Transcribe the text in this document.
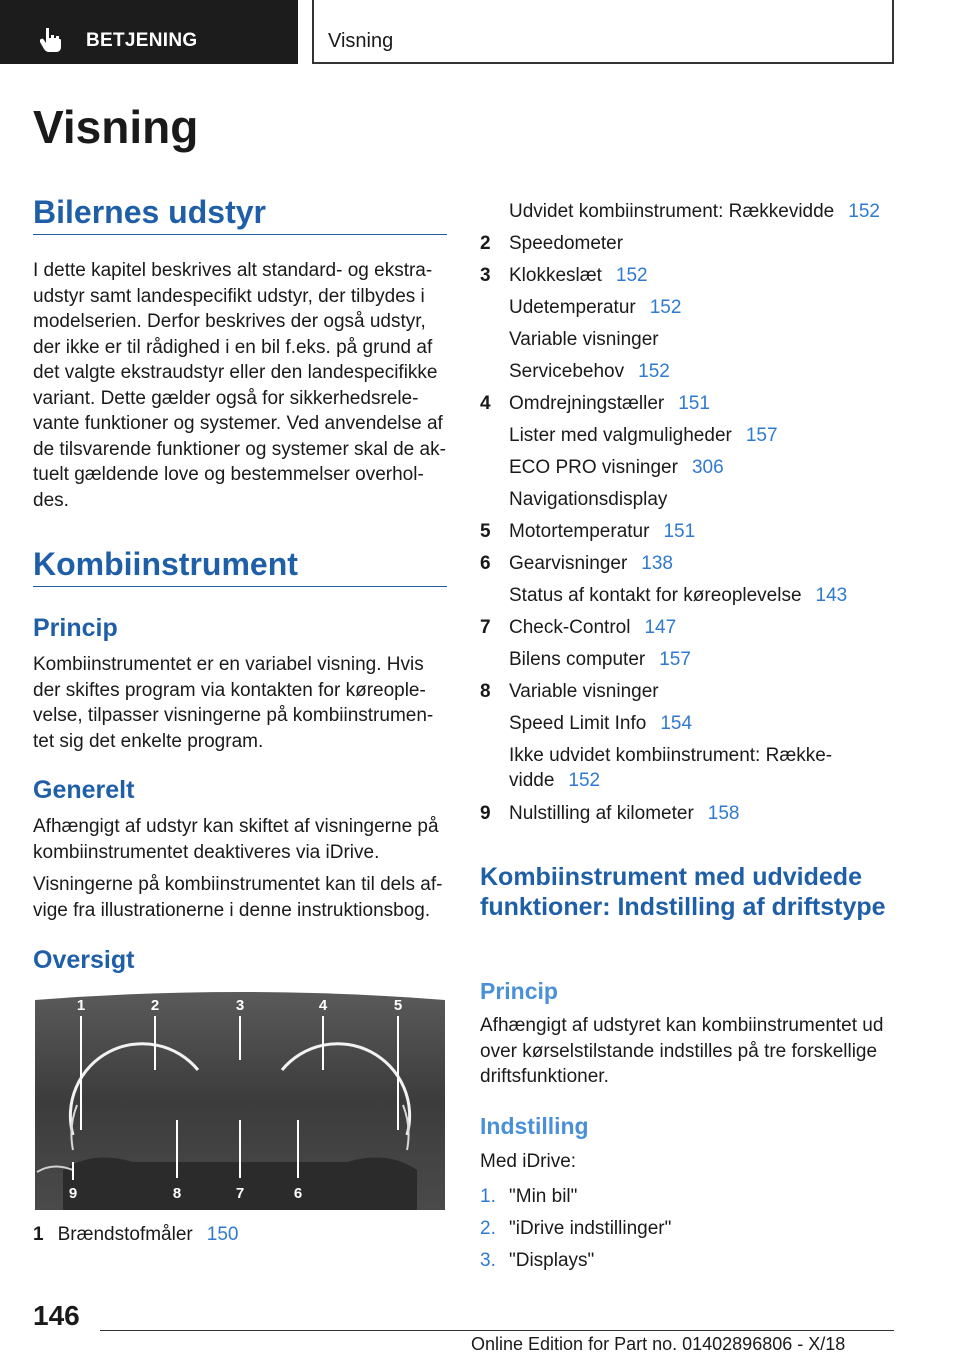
BETJENING	Visning
Visning
Bilernes udstyr

I dette kapitel beskrives alt standard- og ekstra-udstyr samt landespecifikt udstyr, der tilbydes i modelserien. Derfor beskrives der også udstyr, der ikke er til rådighed i en bil f.eks. på grund af det valgte ekstraudstyr eller den landespecifikke variant. Dette gælder også for sikkerhedsrele-vante funktioner og systemer. Ved anvendelse af de tilsvarende funktioner og systemer skal de ak-tuelt gældende love og bestemmelser overhol-des.

Kombiinstrument
Princip

Kombiinstrumentet er en variabel visning. Hvis der skiftes program via kontakten for køreople-velse, tilpasser visningerne på kombiinstrumen-tet sig det enkelte program.

Generelt

Afhængigt af udstyr kan skiftet af visningerne på kombiinstrumentet deaktiveres via iDrive.

Visningerne på kombiinstrumentet kan til dels af-vige fra illustrationerne i denne instruktionsbog.

Oversigt
1	2	3	4	5
9	8	7	6
1 Brændstofmåler 150
Udvidet kombiinstrument: Rækkevidde 152
2 Speedometer
3 Klokkeslæt 152
Udetemperatur 152
Variable visninger
Servicebehov 152
4 Omdrejningstæller 151
Lister med valgmuligheder 157
ECO PRO visninger 306
Navigationsdisplay
5 Motortemperatur 151
6 Gearvisninger 138
Status af kontakt for køreoplevelse 143
7 Check-Control 147
Bilens computer 157
8 Variable visninger
Speed Limit Info 154
Ikke udvidet kombiinstrument: Række-vidde 152
9 Nulstilling af kilometer 158
Kombiinstrument med udvidede funktioner: Indstilling af driftstype
Princip

Afhængigt af udstyret kan kombiinstrumentet ud over kørselstilstande indstilles på tre forskellige driftsfunktioner.

Indstilling

Med iDrive:

1. "Min bil"
2. "iDrive indstillinger"
3. "Displays"

146

Online Edition for Part no. 01402896806 - X/18
